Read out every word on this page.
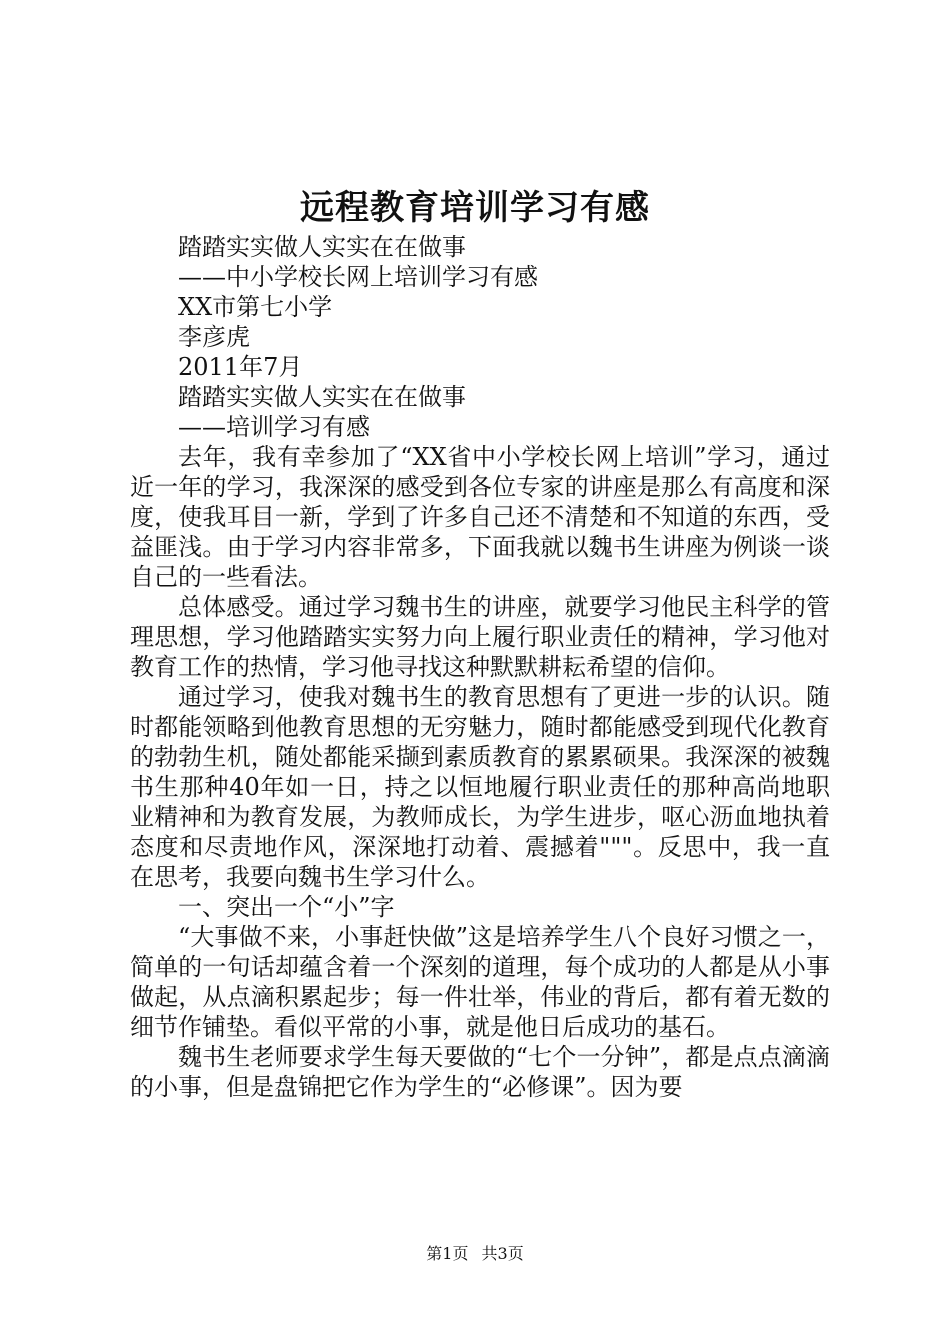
远程教育培训学习有感

踏踏实实做人实实在在做事

——中小学校长网上培训学习有感

XX市第七小学

李彦虎

2011年7月

踏踏实实做人实实在在做事

——培训学习有感

去年，我有幸参加了“XX省中小学校长网上培训”学习，通过近一年的学习，我深深的感受到各位专家的讲座是那么有高度和深度，使我耳目一新，学到了许多自己还不清楚和不知道的东西，受益匪浅。由于学习内容非常多，下面我就以魏书生讲座为例谈一谈自己的一些看法。

总体感受。通过学习魏书生的讲座，就要学习他民主科学的管理思想，学习他踏踏实实努力向上履行职业责任的精神，学习他对教育工作的热情，学习他寻找这种默默耕耘希望的信仰。

通过学习，使我对魏书生的教育思想有了更进一步的认识。随时都能领略到他教育思想的无穷魅力，随时都能感受到现代化教育的勃勃生机，随处都能采撷到素质教育的累累硕果。我深深的被魏书生那种40年如一日，持之以恒地履行职业责任的那种高尚地职业精神和为教育发展，为教师成长，为学生进步，呕心沥血地执着态度和尽责地作风，深深地打动着、震撼着"""。反思中，我一直在思考，我要向魏书生学习什么。

一、突出一个“小”字

“大事做不来，小事赶快做”这是培养学生八个良好习惯之一，简单的一句话却蕴含着一个深刻的道理，每个成功的人都是从小事做起，从点滴积累起步；每一件壮举，伟业的背后，都有着无数的细节作铺垫。看似平常的小事，就是他日后成功的基石。

魏书生老师要求学生每天要做的“七个一分钟”，都是点点滴滴的小事，但是盘锦把它作为学生的“必修课”。因为要

第1页 共3页
